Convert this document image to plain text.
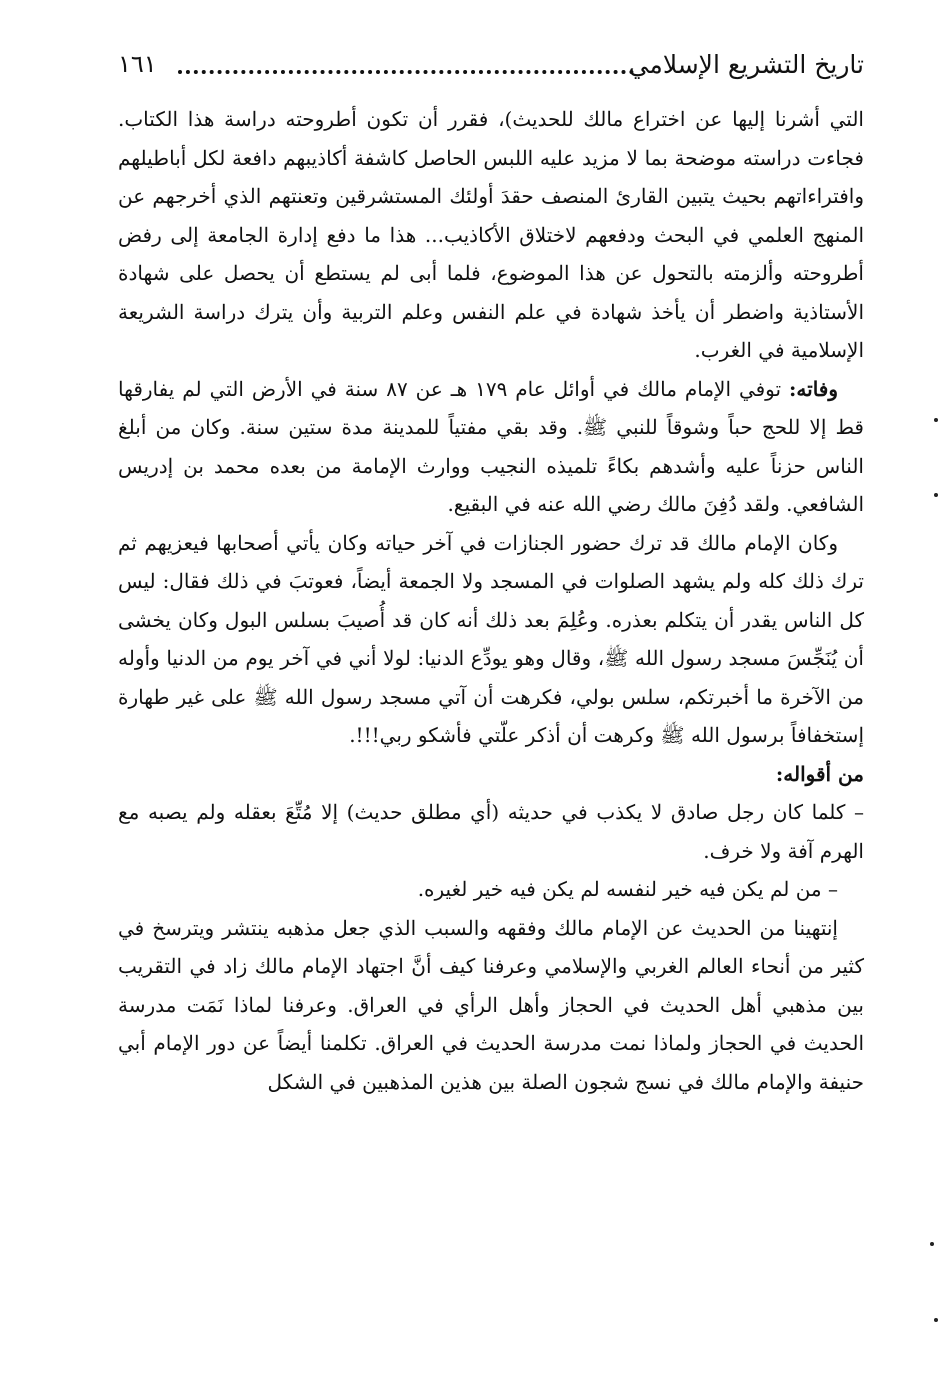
تاريخ التشريع الإسلامي
١٦١

التي أشرنا إليها عن اختراع مالك للحديث)، فقرر أن تكون أطروحته دراسة هذا الكتاب. فجاءت دراسته موضحة بما لا مزيد عليه اللبس الحاصل كاشفة أكاذيبهم دافعة لكل أباطيلهم وافتراءاتهم بحيث يتبين القارئ المنصف حقدَ أولئك المستشرقين وتعنتهم الذي أخرجهم عن المنهج العلمي في البحث ودفعهم لاختلاق الأكاذيب... هذا ما دفع إدارة الجامعة إلى رفض أطروحته وألزمته بالتحول عن هذا الموضوع، فلما أبى لم يستطع أن يحصل على شهادة الأستاذية واضطر أن يأخذ شهادة في علم النفس وعلم التربية وأن يترك دراسة الشريعة الإسلامية في الغرب.

وفاته: توفي الإمام مالك في أوائل عام ١٧٩ هـ عن ٨٧ سنة في الأرض التي لم يفارقها قط إلا للحج حباً وشوقاً للنبي ﷺ. وقد بقي مفتياً للمدينة مدة ستين سنة. وكان من أبلغ الناس حزناً عليه وأشدهم بكاءً تلميذه النجيب ووارث الإمامة من بعده محمد بن إدريس الشافعي. ولقد دُفِنَ مالك رضي الله عنه في البقيع.

وكان الإمام مالك قد ترك حضور الجنازات في آخر حياته وكان يأتي أصحابها فيعزيهم ثم ترك ذلك كله ولم يشهد الصلوات في المسجد ولا الجمعة أيضاً، فعوتبَ في ذلك فقال: ليس كل الناس يقدر أن يتكلم بعذره. وعُلِمَ بعد ذلك أنه كان قد أُصيبَ بسلس البول وكان يخشى أن يُنَجِّسَ مسجد رسول الله ﷺ، وقال وهو يودِّع الدنيا: لولا أني في آخر يوم من الدنيا وأوله من الآخرة ما أخبرتكم، سلس بولي، فكرهت أن آتي مسجد رسول الله ﷺ على غير طهارة إستخفافاً برسول الله ﷺ وكرهت أن أذكر علّتي فأشكو ربي!!!.

من أقواله:

– كلما كان رجل صادق لا يكذب في حديثه (أي مطلق حديث) إلا مُتِّعَ بعقله ولم يصبه مع الهرم آفة ولا خرف.

– من لم يكن فيه خير لنفسه لم يكن فيه خير لغيره.

إنتهينا من الحديث عن الإمام مالك وفقهه والسبب الذي جعل مذهبه ينتشر ويترسخ في كثير من أنحاء العالم الغربي والإسلامي وعرفنا كيف أنَّ اجتهاد الإمام مالك زاد في التقريب بين مذهبي أهل الحديث في الحجاز وأهل الرأي في العراق. وعرفنا لماذا نَمَت مدرسة الحديث في الحجاز ولماذا نمت مدرسة الحديث في العراق. تكلمنا أيضاً عن دور الإمام أبي حنيفة والإمام مالك في نسج شجون الصلة بين هذين المذهبين في الشكل
